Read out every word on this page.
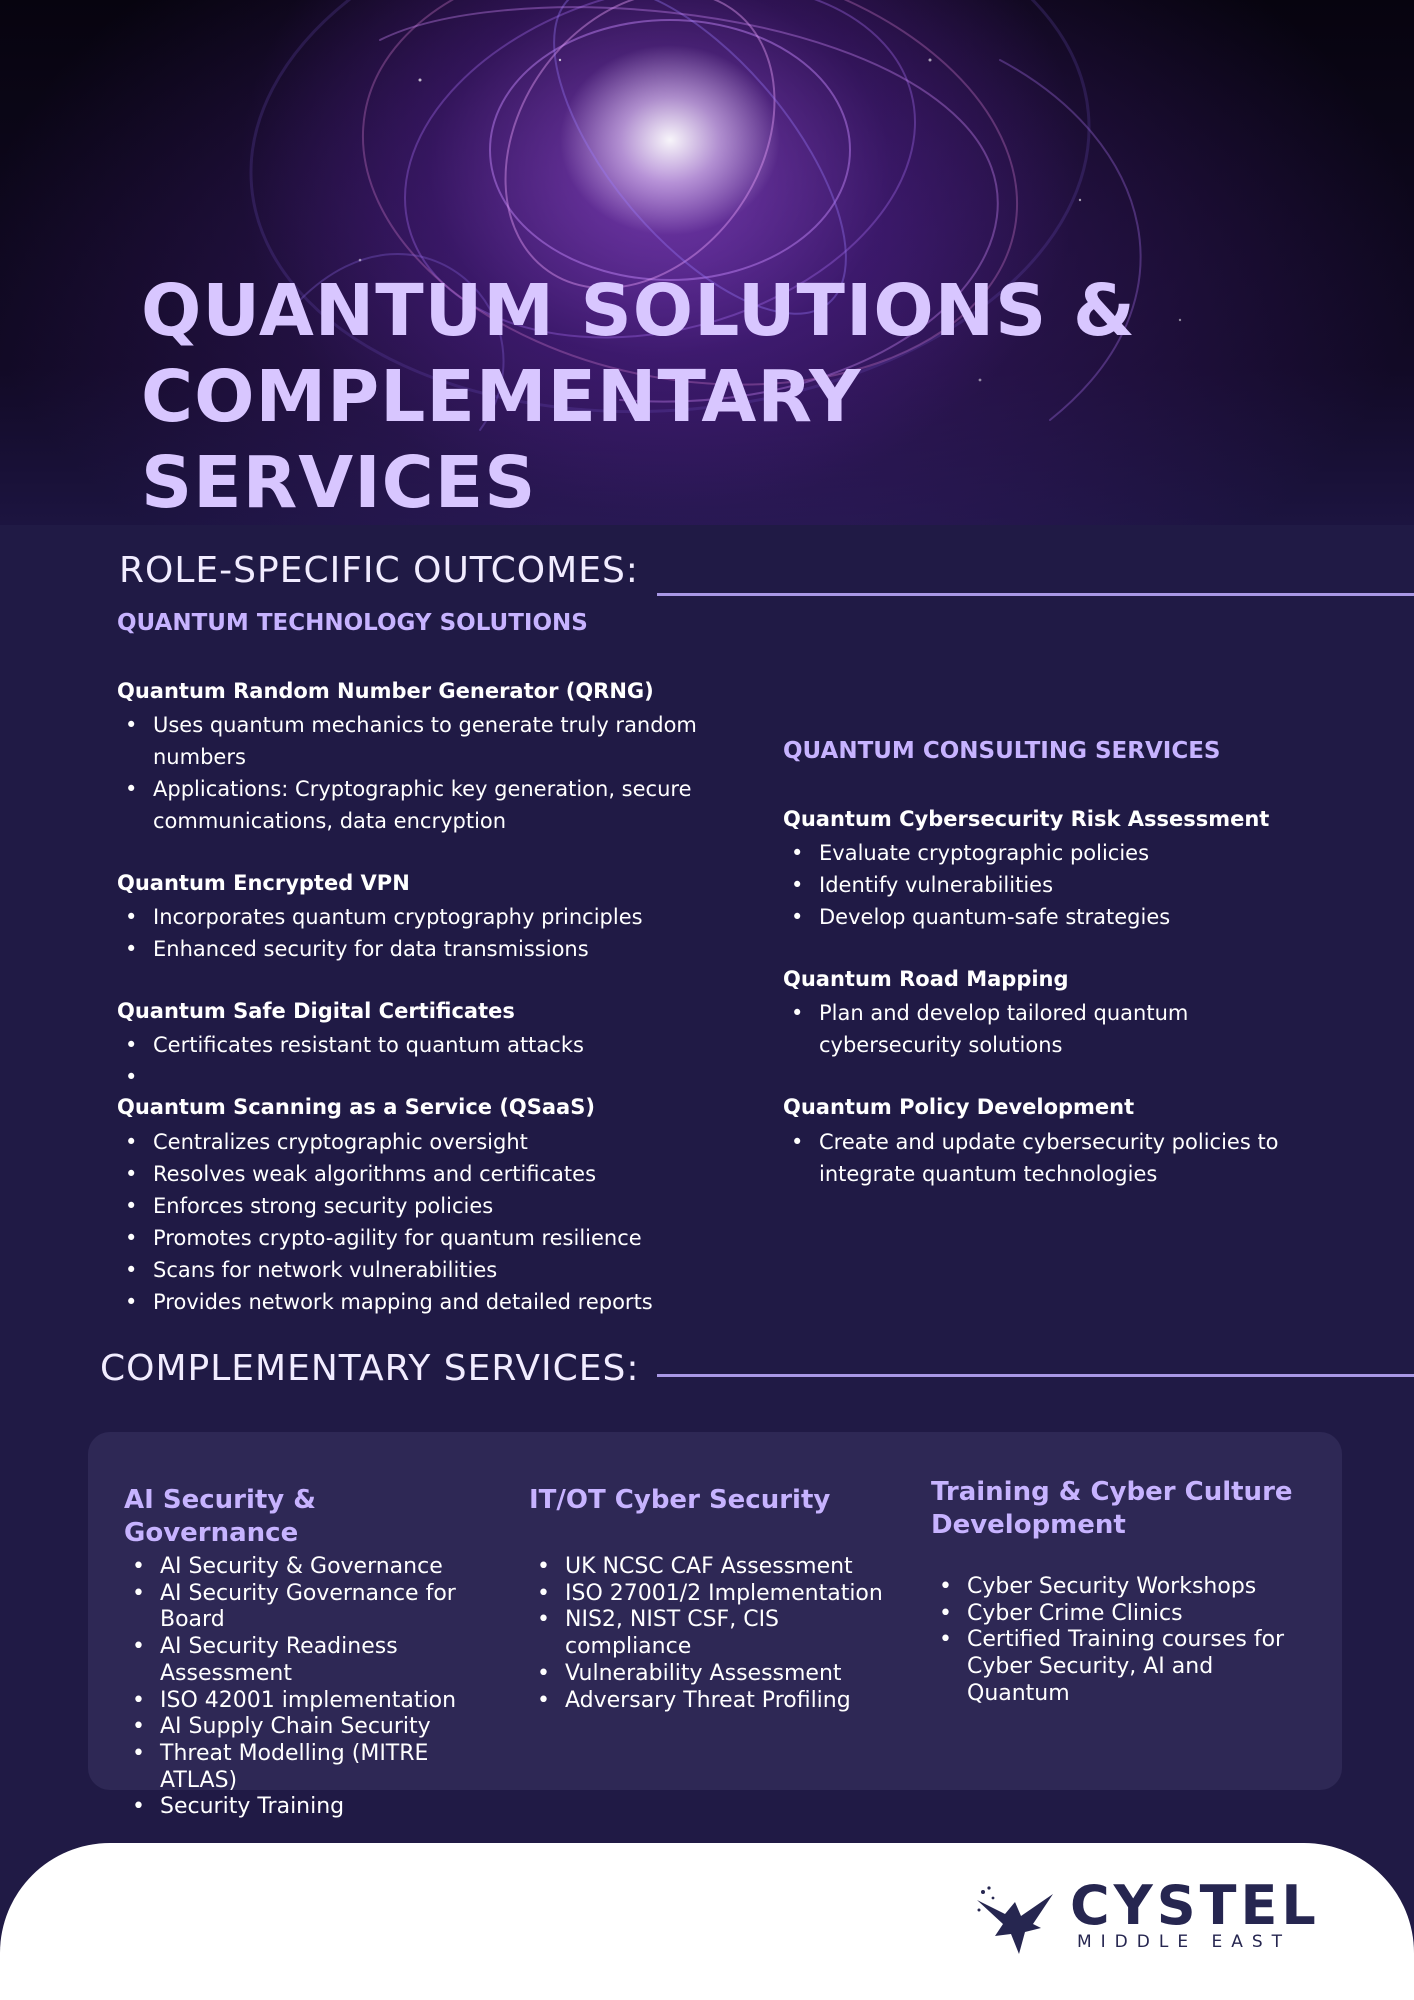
QUANTUM SOLUTIONS &
COMPLEMENTARY
SERVICES
ROLE-SPECIFIC OUTCOMES:
QUANTUM TECHNOLOGY SOLUTIONS
Quantum Random Number Generator (QRNG)
• Uses quantum mechanics to generate truly random numbers
• Applications: Cryptographic key generation, secure communications, data encryption
Quantum Encrypted VPN
• Incorporates quantum cryptography principles
• Enhanced security for data transmissions
Quantum Safe Digital Certificates
• Certificates resistant to quantum attacks
Quantum Scanning as a Service (QSaaS)
• Centralizes cryptographic oversight
• Resolves weak algorithms and certificates
• Enforces strong security policies
• Promotes crypto-agility for quantum resilience
• Scans for network vulnerabilities
• Provides network mapping and detailed reports
QUANTUM CONSULTING SERVICES
Quantum Cybersecurity Risk Assessment
• Evaluate cryptographic policies
• Identify vulnerabilities
• Develop quantum-safe strategies
Quantum Road Mapping
• Plan and develop tailored quantum cybersecurity solutions
Quantum Policy Development
• Create and update cybersecurity policies to integrate quantum technologies
COMPLEMENTARY SERVICES:
AI Security & Governance
• AI Security & Governance
• AI Security Governance for Board
• AI Security Readiness Assessment
• ISO 42001 implementation
• AI Supply Chain Security
• Threat Modelling (MITRE ATLAS)
• Security Training
IT/OT Cyber Security
• UK NCSC CAF Assessment
• ISO 27001/2 Implementation
• NIS2, NIST CSF, CIS compliance
• Vulnerability Assessment
• Adversary Threat Profiling
Training & Cyber Culture Development
• Cyber Security Workshops
• Cyber Crime Clinics
• Certified Training courses for Cyber Security, AI and Quantum
CYSTEL
MIDDLE EAST
